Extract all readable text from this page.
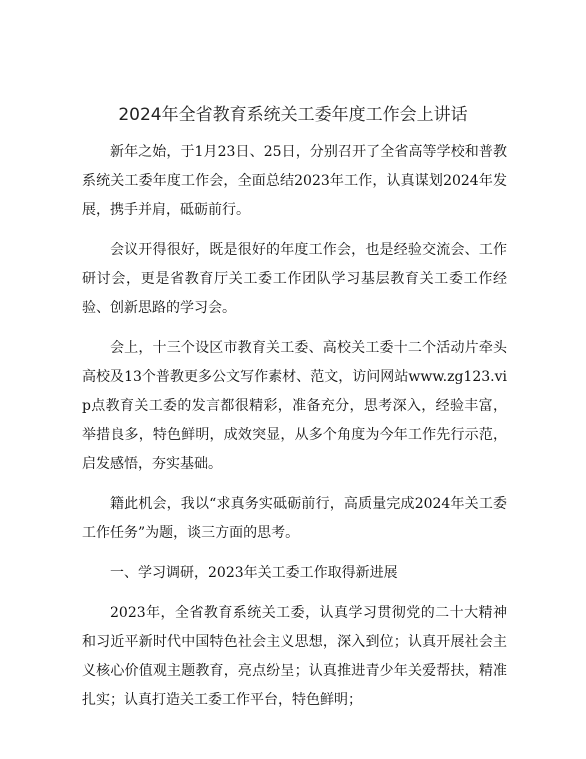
2024年全省教育系统关工委年度工作会上讲话

新年之始，于1月23日、25日，分别召开了全省高等学校和普教系统关工委年度工作会，全面总结2023年工作，认真谋划2024年发展，携手并肩，砥砺前行。

会议开得很好，既是很好的年度工作会，也是经验交流会、工作研讨会，更是省教育厅关工委工作团队学习基层教育关工委工作经验、创新思路的学习会。

会上，十三个设区市教育关工委、高校关工委十二个活动片牵头高校及13个普教更多公文写作素材、范文，访问网站www.zg123.vip点教育关工委的发言都很精彩，准备充分，思考深入，经验丰富，举措良多，特色鲜明，成效突显，从多个角度为今年工作先行示范，启发感悟，夯实基础。

籍此机会，我以“求真务实砥砺前行，高质量完成2024年关工委工作任务”为题，谈三方面的思考。

一、学习调研，2023年关工委工作取得新进展

2023年，全省教育系统关工委，认真学习贯彻党的二十大精神和习近平新时代中国特色社会主义思想，深入到位；认真开展社会主义核心价值观主题教育，亮点纷呈；认真推进青少年关爱帮扶，精准扎实；认真打造关工委工作平台，特色鲜明；
